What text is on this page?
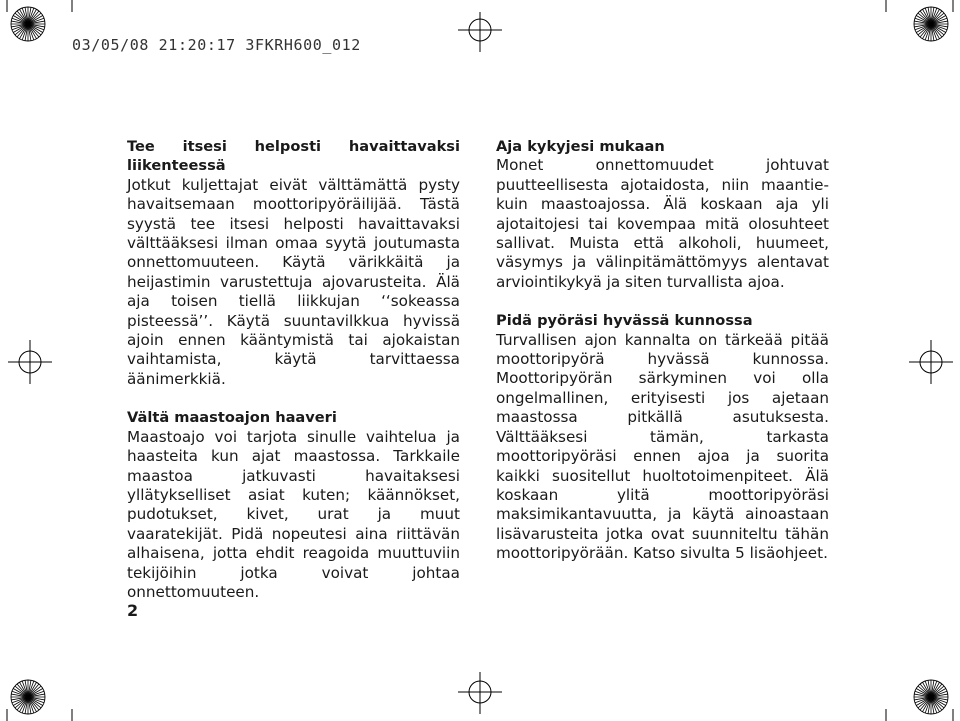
03/05/08 21:20:17 3FKRH600_012
Tee itsesi helposti havaittavaksi liikenteessä
Jotkut kuljettajat eivät välttämättä pysty havaitsemaan moottoripyöräilijää. Tästä syystä tee itsesi helposti havaittavaksi välttääksesi ilman omaa syytä joutumasta onnettomuuteen. Käytä värikkäitä ja heijastimin varustettuja ajovarusteita. Älä aja toisen tiellä liikkujan ‘‘sokeassa pisteessä’’. Käytä suuntavilkkua hyvissä ajoin ennen kääntymistä tai ajokaistan vaihtamista, käytä tarvittaessa äänimerkkiä.
Vältä maastoajon haaveri
Maastoajo voi tarjota sinulle vaihtelua ja haasteita kun ajat maastossa. Tarkkaile maastoa jatkuvasti havaitaksesi yllätykselliset asiat kuten; käännökset, pudotukset, kivet, urat ja muut vaaratekijät. Pidä nopeutesi aina riittävän alhaisena, jotta ehdit reagoida muuttuviin tekijöihin jotka voivat johtaa onnettomuuteen.
Aja kykyjesi mukaan
Monet onnettomuudet johtuvat puutteellisesta ajotaidosta, niin maantie- kuin maastoajossa. Älä koskaan aja yli ajotaitojesi tai kovempaa mitä olosuhteet sallivat. Muista että alkoholi, huumeet, väsymys ja välinpitämättömyys alentavat arviointikykyä ja siten turvallista ajoa.
Pidä pyöräsi hyvässä kunnossa
Turvallisen ajon kannalta on tärkeää pitää moottoripyörä hyvässä kunnossa. Moottoripyörän särkyminen voi olla ongelmallinen, erityisesti jos ajetaan maastossa pitkällä asutuksesta. Välttääksesi tämän, tarkasta moottoripyöräsi ennen ajoa ja suorita kaikki suositellut huoltotoimenpiteet. Älä koskaan ylitä moottoripyöräsi maksimikantavuutta, ja käytä ainoastaan lisävarusteita jotka ovat suunniteltu tähän moottoripyörään. Katso sivulta 5 lisäohjeet.
2
